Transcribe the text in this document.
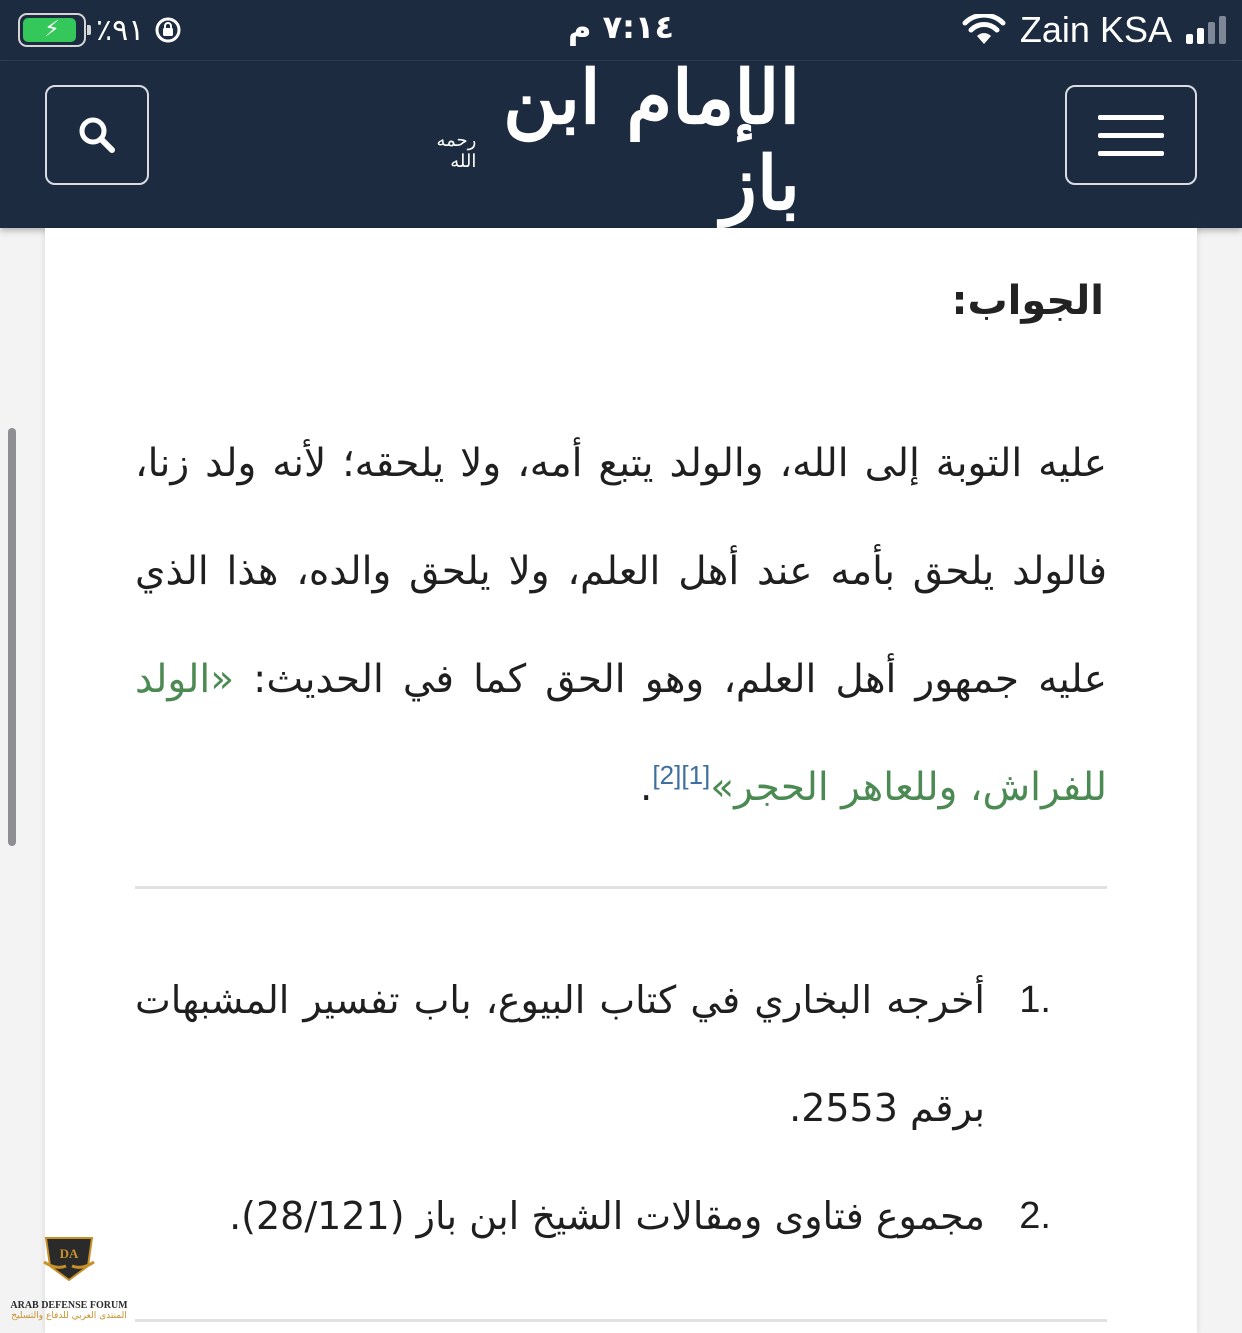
⚡	٪٩١	٧:١٤ م	Zain KSA
الإمام ابن باز
رحمه الله
الجواب:

عليه التوبة إلى الله، والولد يتبع أمه، ولا يلحقه؛ لأنه ولد زنا، فالولد يلحق بأمه عند أهل العلم، ولا يلحق والده، هذا الذي عليه جمهور أهل العلم، وهو الحق كما في الحديث: «الولد للفراش، وللعاهر الحجر»[1][2].

1.
أخرجه البخاري في كتاب البيوع، باب تفسير المشبهات برقم 2553.
2.
مجموع فتاوى ومقالات الشيخ ابن باز (28/121).
DA
ARAB DEFENSE FORUM
المنتدى العربي للدفاع والتسليح
